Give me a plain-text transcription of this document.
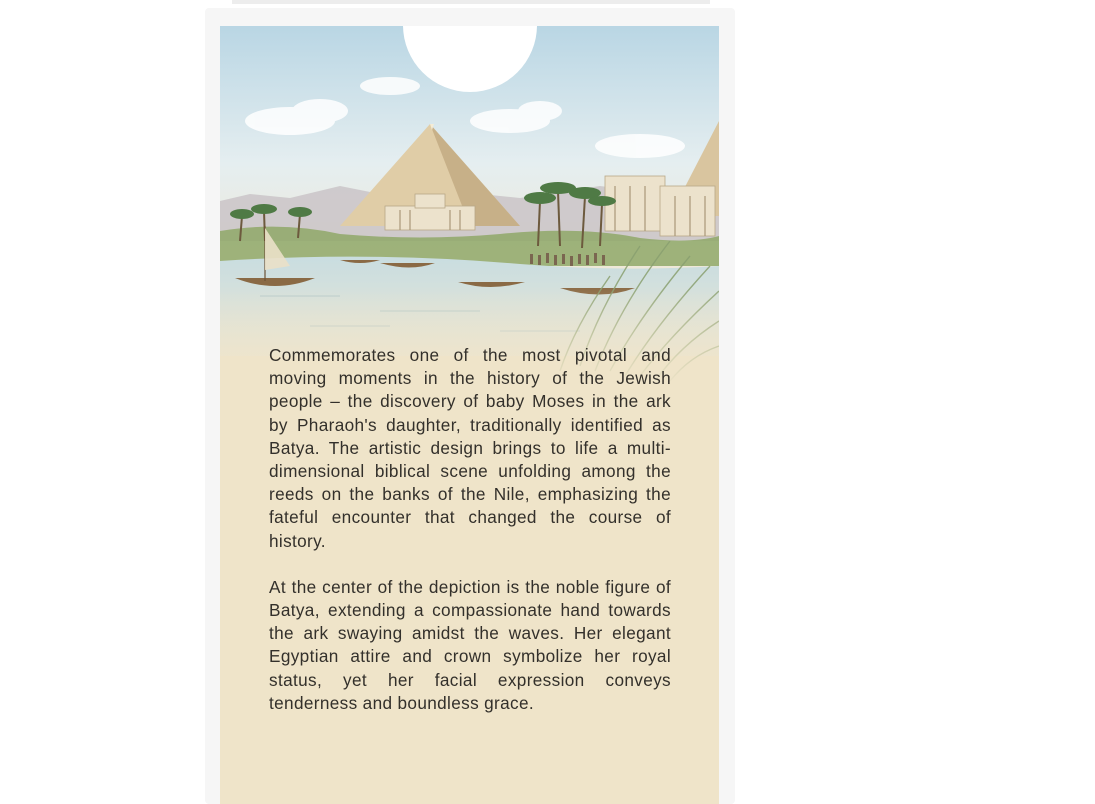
Commemorates one of the most pivotal and moving moments in the history of the Jewish people – the discovery of baby Moses in the ark by Pharaoh's daughter, traditionally identified as Batya. The artistic design brings to life a multi-dimensional biblical scene unfolding among the reeds on the banks of the Nile, emphasizing the fateful encounter that changed the course of history.

At the center of the depiction is the noble figure of Batya, extending a compassionate hand towards the ark swaying amidst the waves. Her elegant Egyptian attire and crown symbolize her royal status, yet her facial expression conveys tenderness and boundless grace.
